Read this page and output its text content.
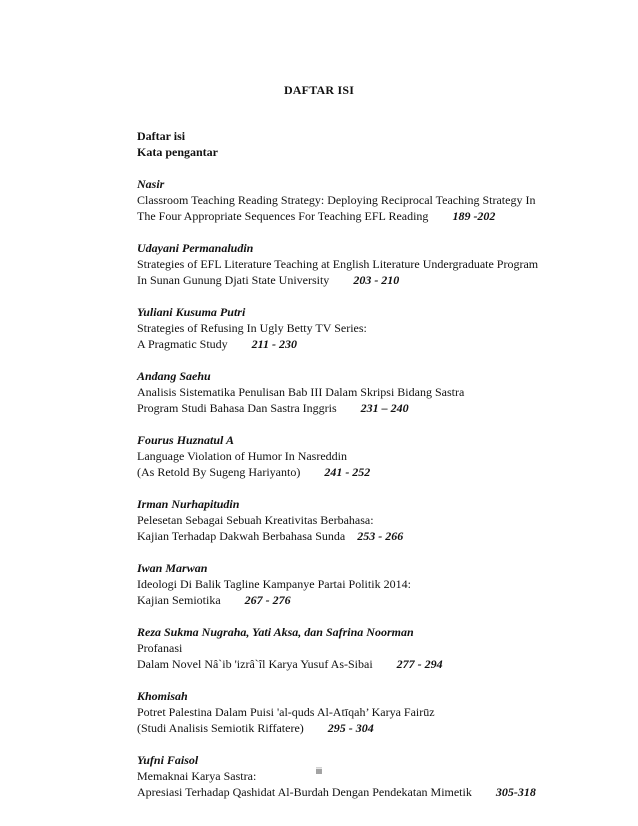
DAFTAR ISI
Daftar isi
Kata pengantar
Nasir
Classroom Teaching Reading Strategy: Deploying Reciprocal Teaching Strategy In
The Four Appropriate Sequences For Teaching EFL Reading 189 -202
Udayani Permanaludin
Strategies of EFL Literature Teaching at English Literature Undergraduate Program
In Sunan Gunung Djati State University 203 - 210
Yuliani Kusuma Putri
Strategies of Refusing In Ugly Betty TV Series:
A Pragmatic Study 211 - 230
Andang Saehu
Analisis Sistematika Penulisan Bab III Dalam Skripsi Bidang Sastra
Program Studi Bahasa Dan Sastra Inggris 231 – 240
Fourus Huznatul A
Language Violation of Humor In Nasreddin
(As Retold By Sugeng Hariyanto) 241 - 252
Irman Nurhapitudin
Pelesetan Sebagai Sebuah Kreativitas Berbahasa:
Kajian Terhadap Dakwah Berbahasa Sunda 253 - 266
Iwan Marwan
Ideologi Di Balik Tagline Kampanye Partai Politik 2014:
Kajian Semiotika 267 - 276
Reza Sukma Nugraha, Yati Aksa, dan Safrina Noorman
Profanasi
Dalam Novel Nâ`ib 'izrâ`îl Karya Yusuf As-Sibai 277 - 294
Khomisah
Potret Palestina Dalam Puisi 'al-quds Al-Atīqah’ Karya Fairūz
(Studi Analisis Semiotik Riffatere) 295 - 304
Yufni Faisol
Memaknai Karya Sastra:
Apresiasi Terhadap Qashidat Al-Burdah Dengan Pendekatan Mimetik 305-318
iii
